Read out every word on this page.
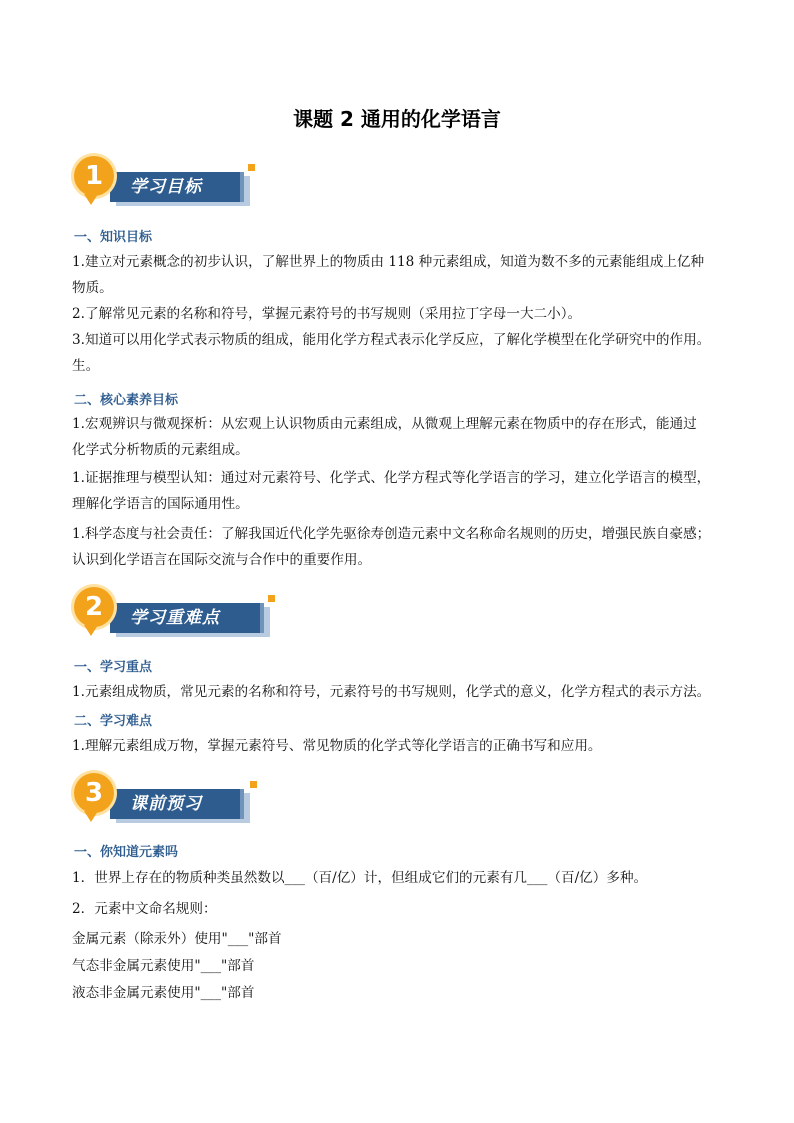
课题 2 通用的化学语言
学习目标
1
一、知识目标
1.建立对元素概念的初步认识，了解世界上的物质由 118 种元素组成，知道为数不多的元素能组成上亿种
物质。
2.了解常见元素的名称和符号，掌握元素符号的书写规则（采用拉丁字母一大二小）。
3.知道可以用化学式表示物质的组成，能用化学方程式表示化学反应，了解化学模型在化学研究中的作用。
生。
二、核心素养目标
1.宏观辨识与微观探析：从宏观上认识物质由元素组成，从微观上理解元素在物质中的存在形式，能通过
化学式分析物质的元素组成。
1.证据推理与模型认知：通过对元素符号、化学式、化学方程式等化学语言的学习，建立化学语言的模型，
理解化学语言的国际通用性。
1.科学态度与社会责任：了解我国近代化学先驱徐寿创造元素中文名称命名规则的历史，增强民族自豪感；
认识到化学语言在国际交流与合作中的重要作用。
学习重难点
2
一、学习重点
1.元素组成物质，常见元素的名称和符号，元素符号的书写规则，化学式的意义，化学方程式的表示方法。
二、学习难点
1.理解元素组成万物，掌握元素符号、常见物质的化学式等化学语言的正确书写和应用。
课前预习
3
一、你知道元素吗
1．世界上存在的物质种类虽然数以___（百/亿）计，但组成它们的元素有几___（百/亿）多种。
2．元素中文命名规则：
金属元素（除汞外）使用"___"部首
气态非金属元素使用"___"部首
液态非金属元素使用"___"部首
